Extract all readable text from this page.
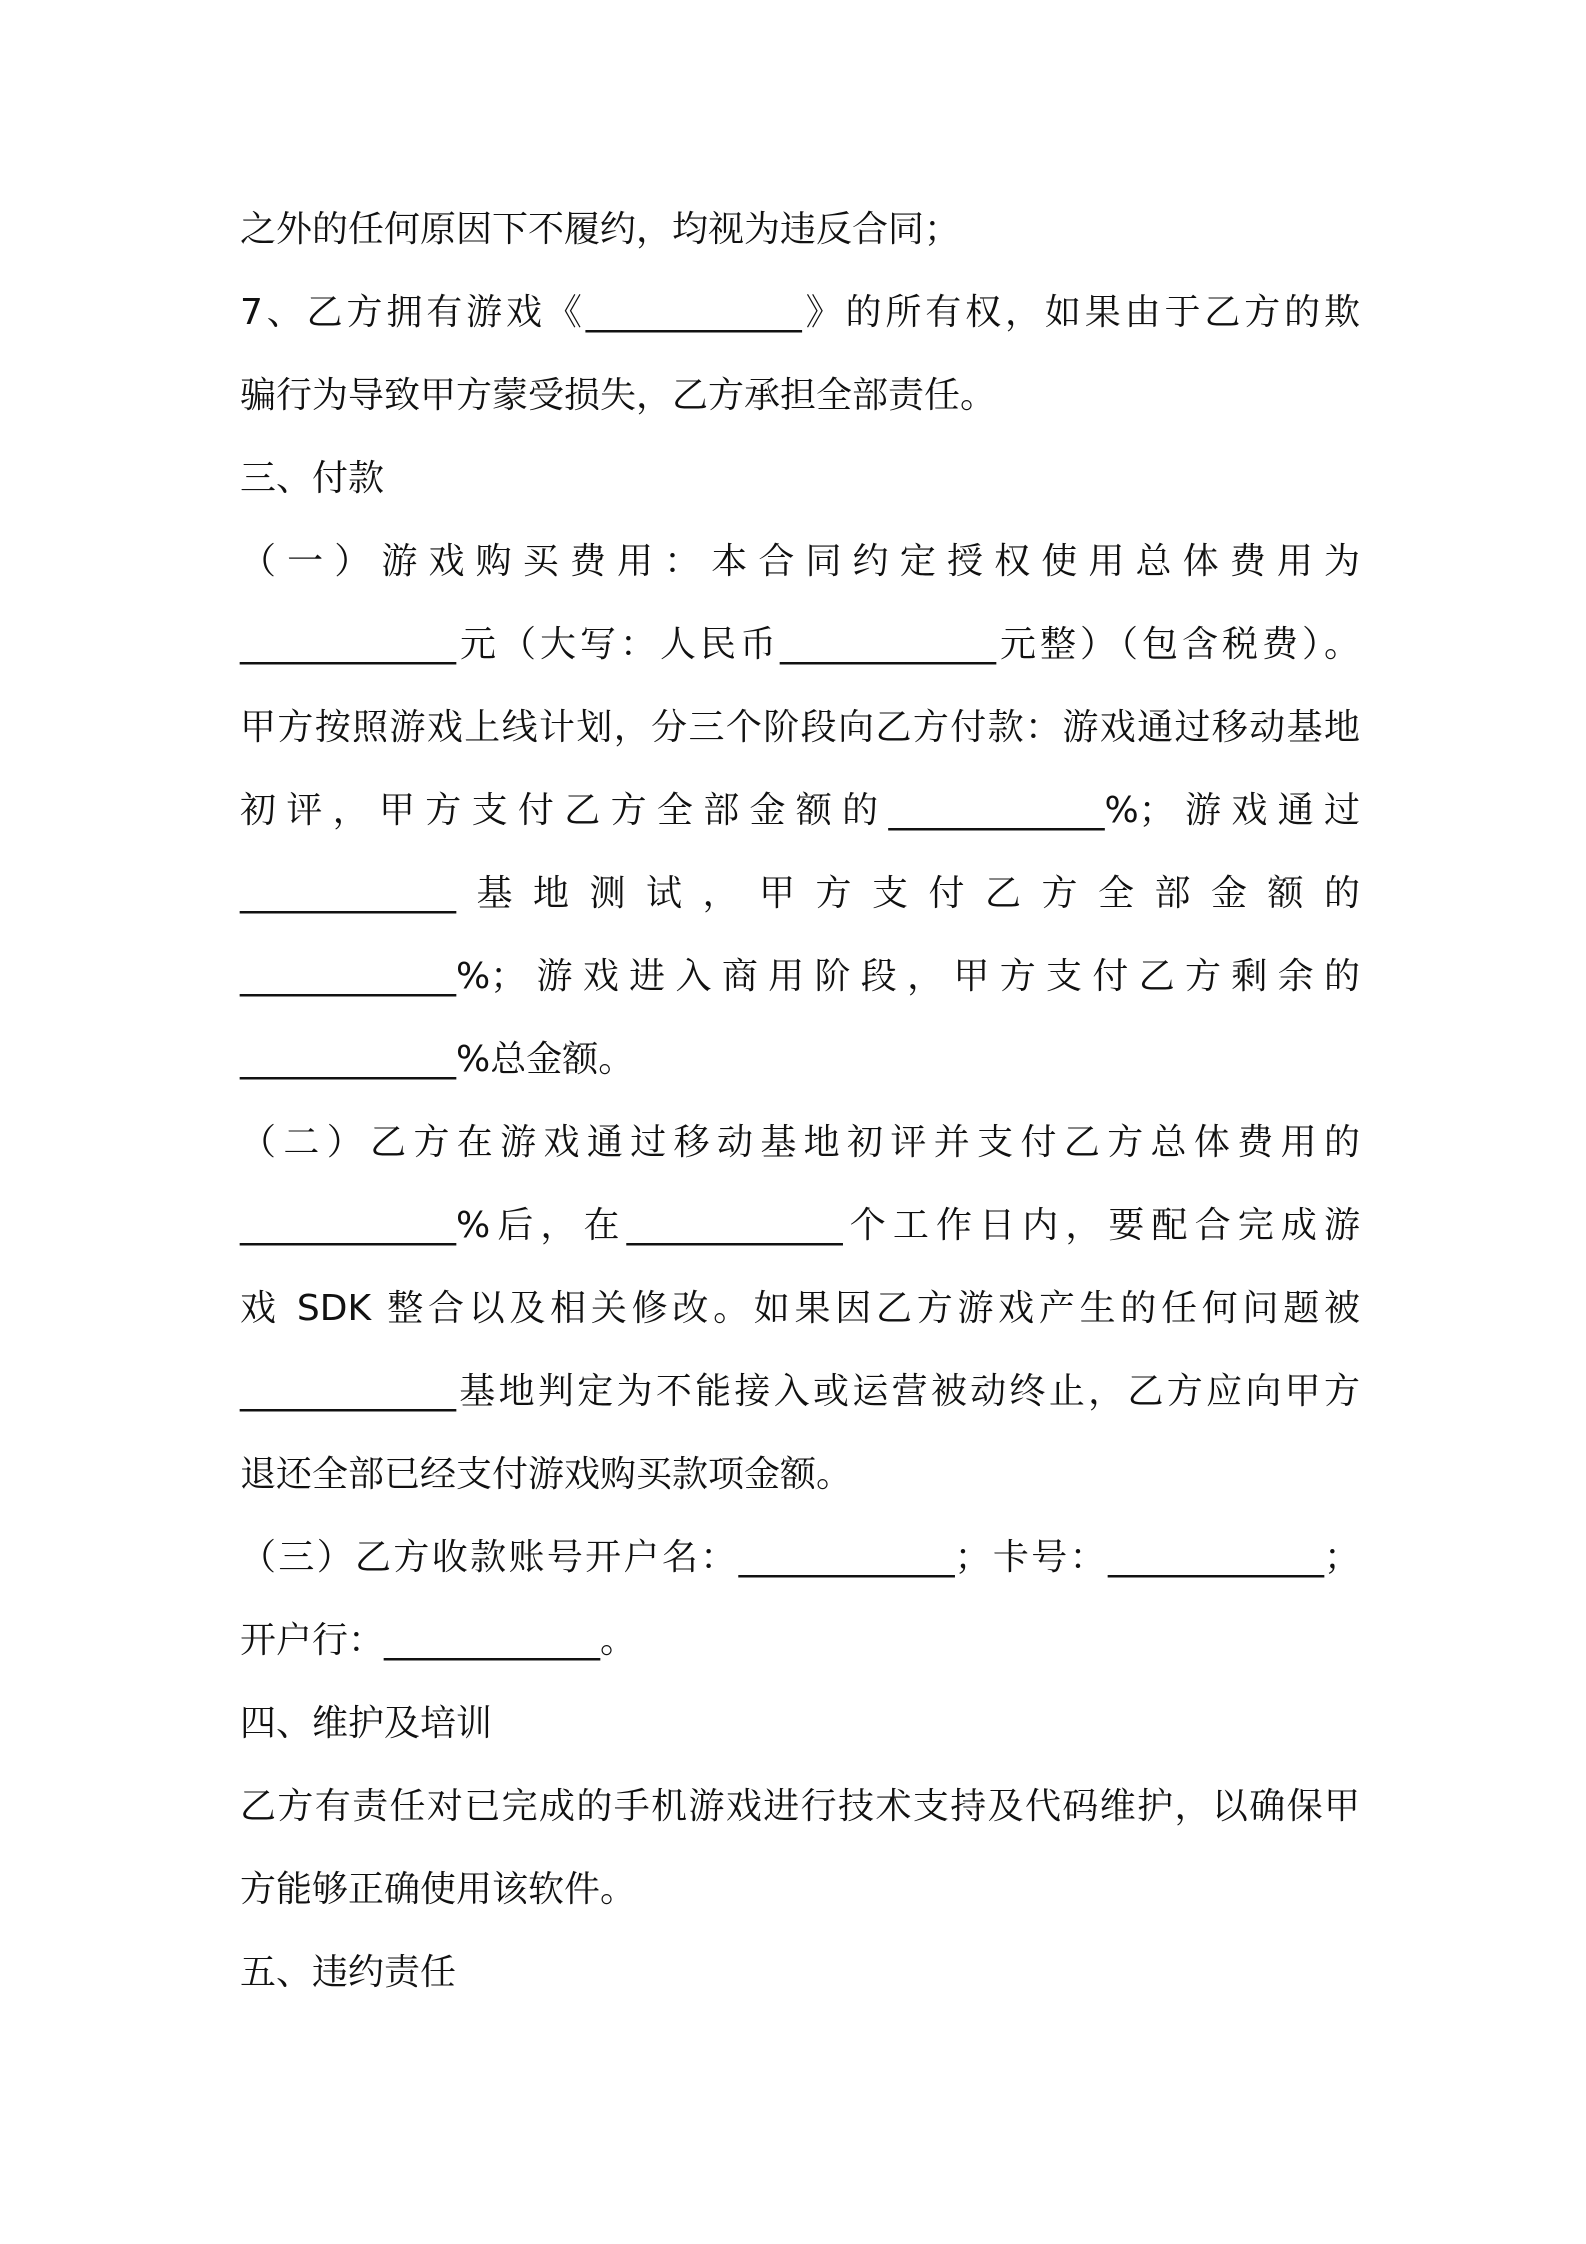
之外的任何原因下不履约，均视为违反合同；
7、乙方拥有游戏《____________》的所有权，如果由于乙方的欺
骗行为导致甲方蒙受损失，乙方承担全部责任。
三、付款
（一）游戏购买费用：本合同约定授权使用总体费用为
____________元（大写：人民币____________元整）（包含税费）。
甲方按照游戏上线计划，分三个阶段向乙方付款：游戏通过移动基地
初评，甲方支付乙方全部金额的____________%；游戏通过
____________基地测试，甲方支付乙方全部金额的
____________%；游戏进入商用阶段，甲方支付乙方剩余的
____________%总金额。
（二）乙方在游戏通过移动基地初评并支付乙方总体费用的
____________%后，在____________个工作日内，要配合完成游
戏 SDK 整合以及相关修改。如果因乙方游戏产生的任何问题被
____________基地判定为不能接入或运营被动终止，乙方应向甲方
退还全部已经支付游戏购买款项金额。
（三）乙方收款账号开户名：____________；卡号：____________；
开户行：____________。
四、维护及培训
乙方有责任对已完成的手机游戏进行技术支持及代码维护，以确保甲
方能够正确使用该软件。
五、违约责任
